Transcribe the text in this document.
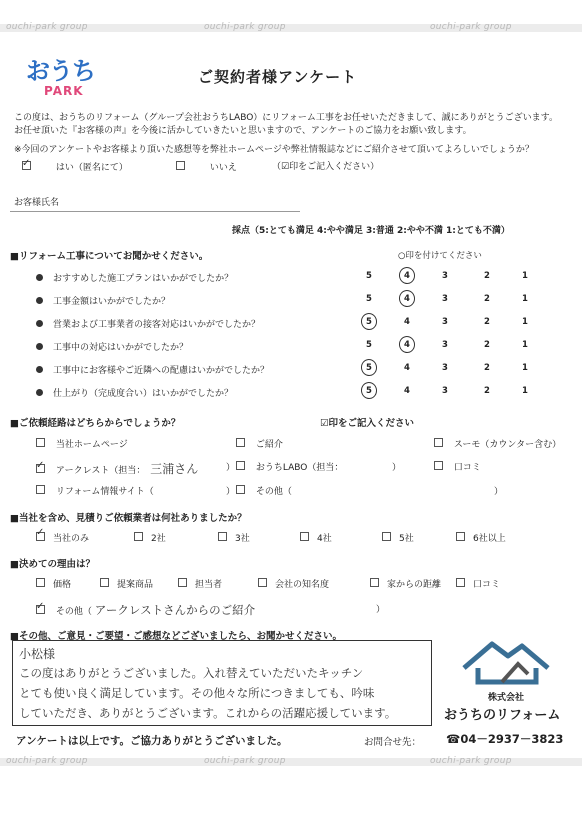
ouchi-park group	ouchi-park group	ouchi-park group
ouchi-park group	ouchi-park group	ouchi-park group
おうち
PARK
ご契約者様アンケート
この度は、おうちのリフォーム（グループ会社おうちLABO）にリフォーム工事をお任せいただきまして、誠にありがとうございます。
お任せ頂いた『お客様の声』を今後に活かしていきたいと思いますので、アンケートのご協力をお願い致します。
※今回のアンケートやお客様より頂いた感想等を弊社ホームページや弊社情報誌などにご紹介させて頂いてよろしいでしょうか？
✓	はい（匿名にて）	いいえ	（☑印をご記入ください）
お客様氏名
採点（5:とても満足 4:やや満足 3:普通 2:やや不満 1:とても不満）
■リフォーム工事についてお聞かせください。	○印を付けてください
おすすめした施工プランはいかがでしたか？	5	4	3	2	1
工事金額はいかがでしたか？	5	4	3	2	1
営業および工事業者の接客対応はいかがでしたか？	5	4	3	2	1
工事中の対応はいかがでしたか？	5	4	3	2	1
工事中にお客様やご近隣への配慮はいかがでしたか？	5	4	3	2	1
仕上がり（完成度合い）はいかがでしたか？	5	4	3	2	1
■ご依頼経路はどちらからでしょうか？	☑印をご記入ください
当社ホームページ	ご紹介	スーモ（カウンター含む）
✓ アークレスト（担当： 三浦さん	）	おうちLABO（担当：	）	口コミ
リフォーム情報サイト（	）	その他（	）
■当社を含め、見積りご依頼業者は何社ありましたか？
✓
当社のみ	2社	3社	4社	5社	6社以上
■決めての理由は？
価格	提案商品	担当者	会社の知名度	家からの距離	口コミ
✓ その他（ アークレストさんからのご紹介	）
■その他、ご意見・ご要望・ご感想などございましたら、お聞かせください。
小松様
この度はありがとうございました。入れ替えていただいたキッチン
とても使い良く満足しています。その他々な所につきましても、吟味
していただき、ありがとうございます。これからの活躍応援しています。
株式会社
おうちのリフォーム
アンケートは以上です。ご協力ありがとうございました。	お問合せ先： ☎04－2937－3823
